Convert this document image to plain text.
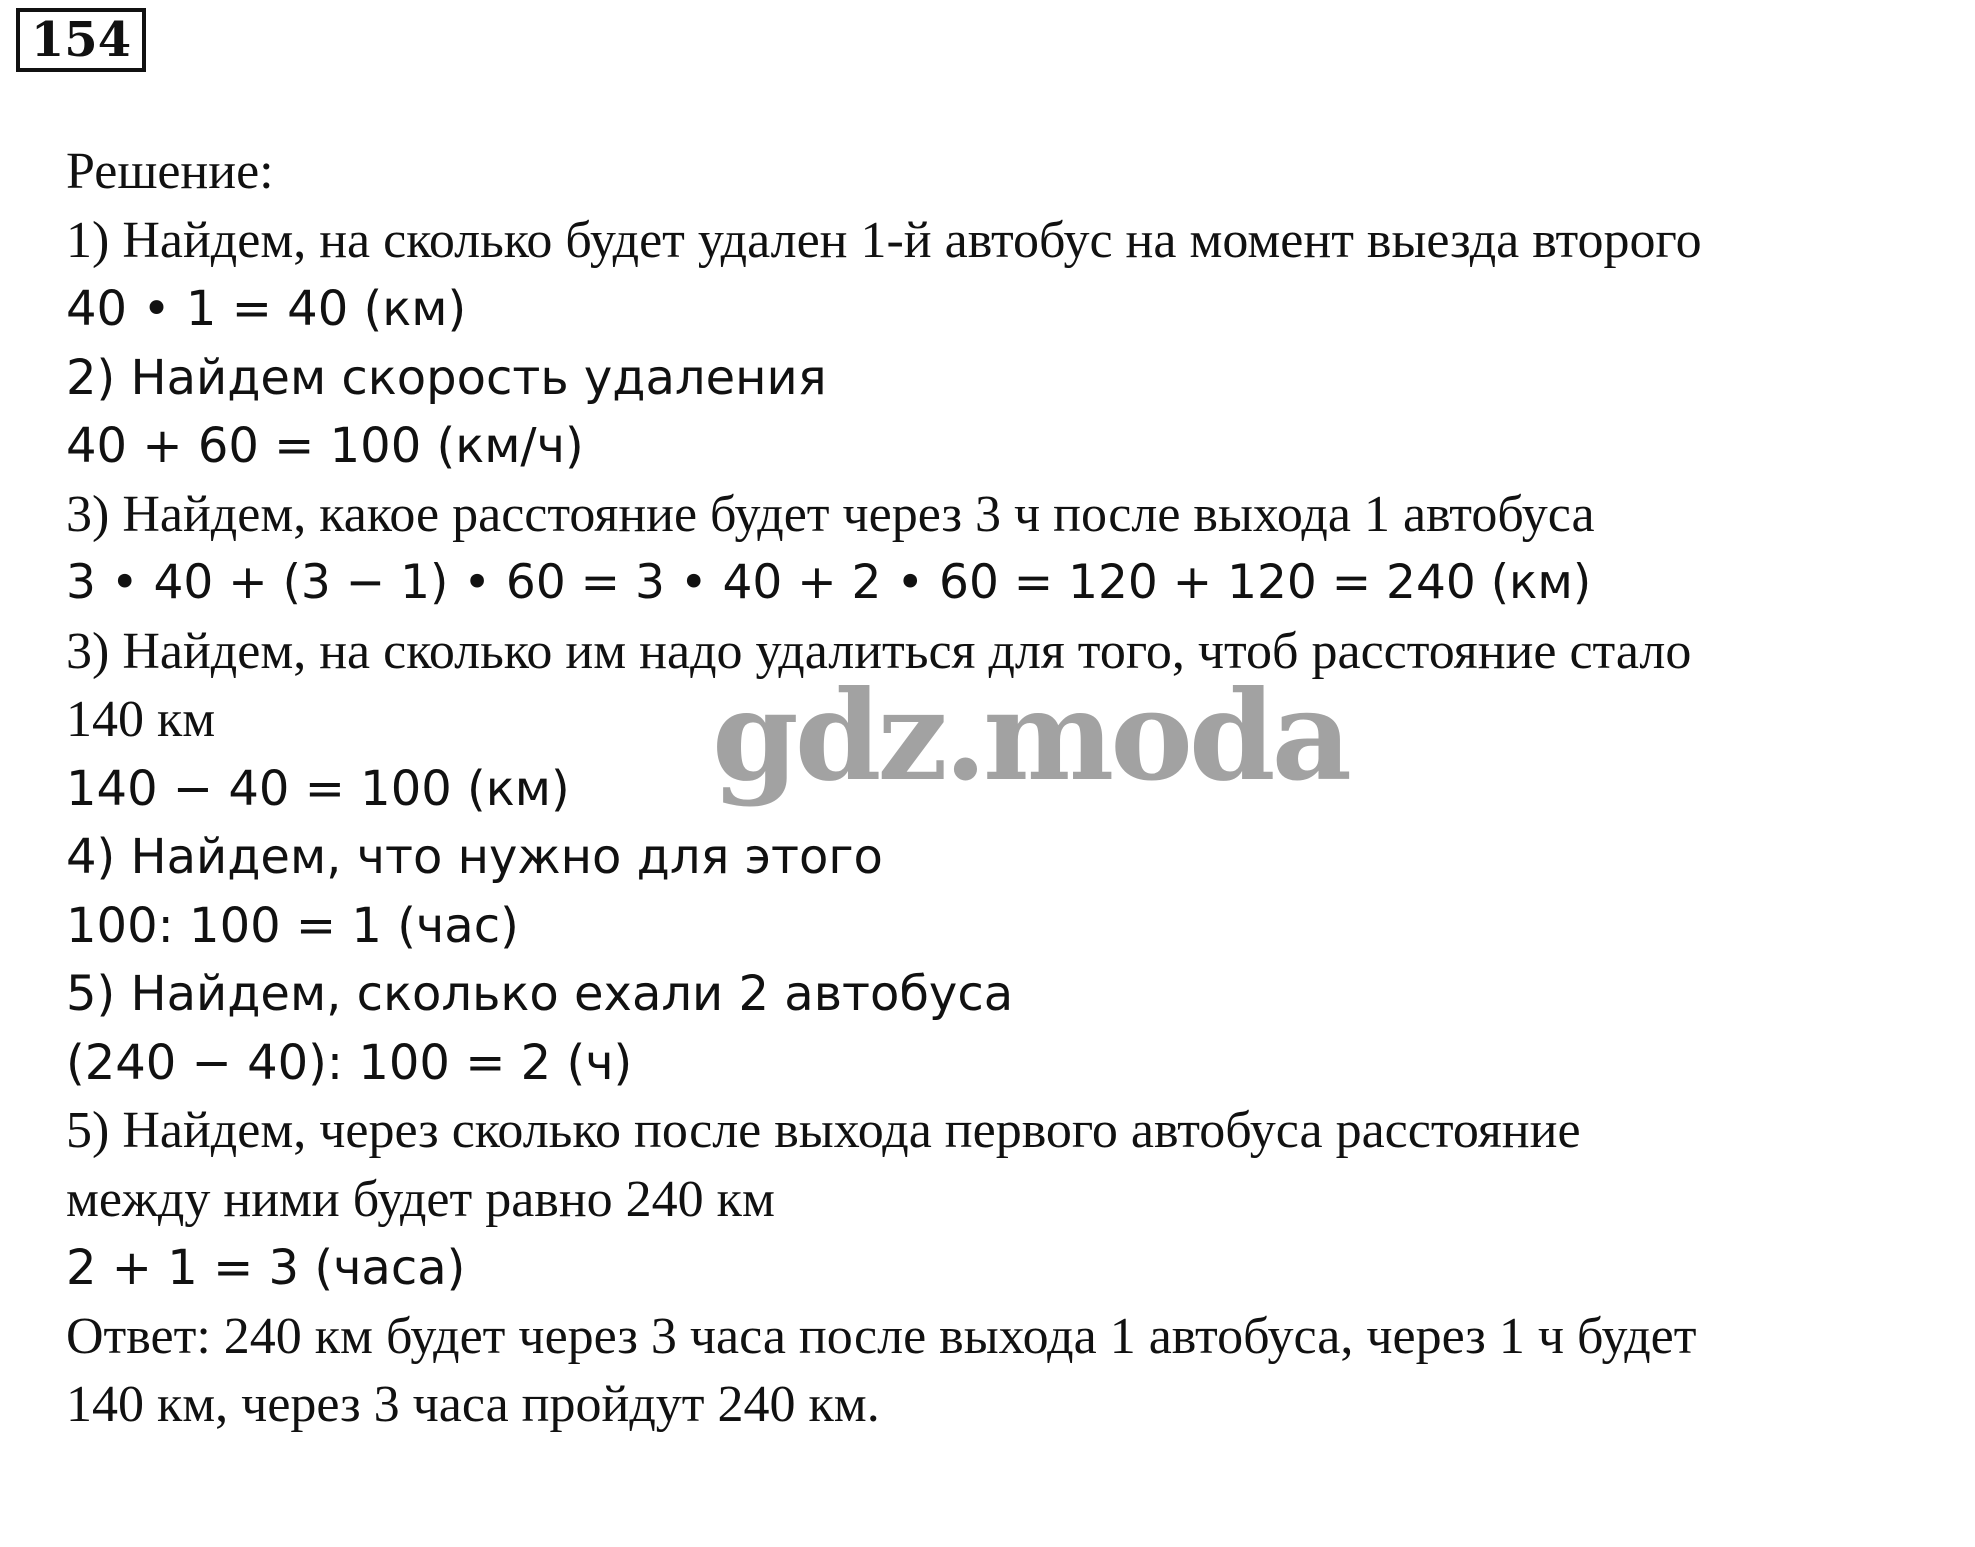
154
Решение:
1) Найдем, на сколько будет удален 1-й автобус на момент выезда второго
40 • 1 = 40 (км)
2) Найдем скорость удаления
40 + 60 = 100 (км/ч)
3) Найдем, какое расстояние будет через 3 ч после выхода 1 автобуса
3 • 40 + (3 − 1) • 60 = 3 • 40 + 2 • 60 = 120 + 120 = 240 (км)
3) Найдем, на сколько им надо удалиться для того, чтоб расстояние стало
140 км
140 − 40 = 100 (км)
4) Найдем, что нужно для этого
100: 100 = 1 (час)
5) Найдем, сколько ехали 2 автобуса
(240 − 40): 100 = 2 (ч)
5) Найдем, через сколько после выхода первого автобуса расстояние
между ними будет равно 240 км
2 + 1 = 3 (часа)
Ответ: 240 км будет через 3 часа после выхода 1 автобуса, через 1 ч будет
140 км, через 3 часа пройдут 240 км.
gdz.moda
